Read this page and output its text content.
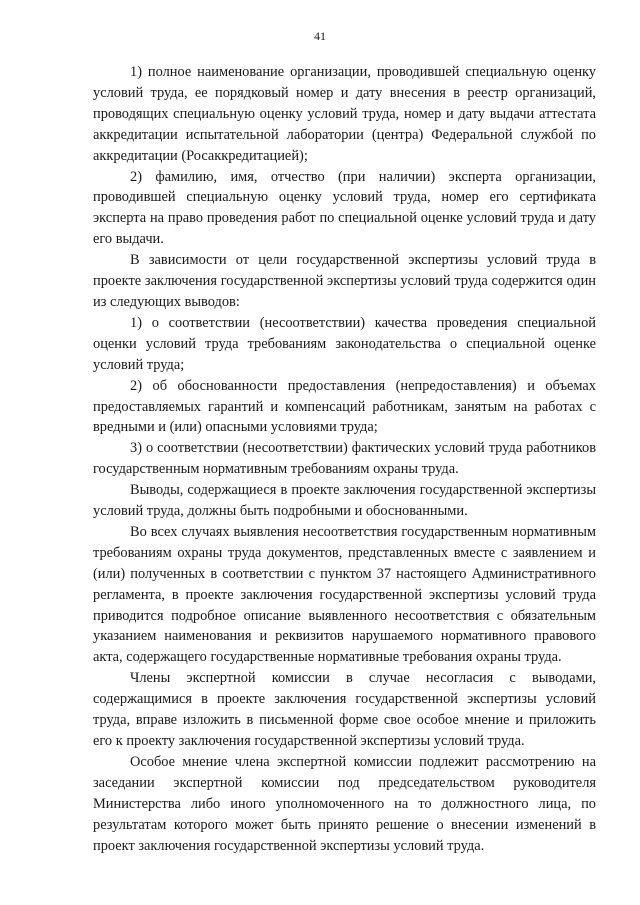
41

1) полное наименование организации, проводившей специальную оценку условий труда, ее порядковый номер и дату внесения в реестр организаций, проводящих специальную оценку условий труда, номер и дату выдачи аттестата аккредитации испытательной лаборатории (центра) Федеральной службой по аккредитации (Росаккредитацией);

2) фамилию, имя, отчество (при наличии) эксперта организации, проводившей специальную оценку условий труда, номер его сертификата эксперта на право проведения работ по специальной оценке условий труда и дату его выдачи.

В зависимости от цели государственной экспертизы условий труда в проекте заключения государственной экспертизы условий труда содержится один из следующих выводов:

1) о соответствии (несоответствии) качества проведения специальной оценки условий труда требованиям законодательства о специальной оценке условий труда;

2) об обоснованности предоставления (непредоставления) и объемах предоставляемых гарантий и компенсаций работникам, занятым на работах с вредными и (или) опасными условиями труда;

3) о соответствии (несоответствии) фактических условий труда работников государственным нормативным требованиям охраны труда.

Выводы, содержащиеся в проекте заключения государственной экспертизы условий труда, должны быть подробными и обоснованными.

Во всех случаях выявления несоответствия государственным нормативным требованиям охраны труда документов, представленных вместе с заявлением и (или) полученных в соответствии с пунктом 37 настоящего Административного регламента, в проекте заключения государственной экспертизы условий труда приводится подробное описание выявленного несоответствия с обязательным указанием наименования и реквизитов нарушаемого нормативного правового акта, содержащего государственные нормативные требования охраны труда.

Члены экспертной комиссии в случае несогласия с выводами, содержащимися в проекте заключения государственной экспертизы условий труда, вправе изложить в письменной форме свое особое мнение и приложить его к проекту заключения государственной экспертизы условий труда.

Особое мнение члена экспертной комиссии подлежит рассмотрению на заседании экспертной комиссии под председательством руководителя Министерства либо иного уполномоченного на то должностного лица, по результатам которого может быть принято решение о внесении изменений в проект заключения государственной экспертизы условий труда.
